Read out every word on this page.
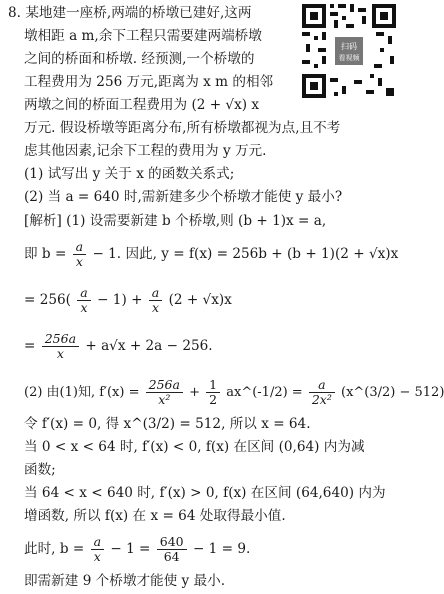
扫码
看视频
8. 某地建一座桥,两端的桥墩已建好,这两
墩相距 a m,余下工程只需要建两端桥墩
之间的桥面和桥墩. 经预测,一个桥墩的
工程费用为 256 万元,距离为 x m 的相邻
两墩之间的桥面工程费用为 (2 + √x) x
万元. 假设桥墩等距离分布,所有桥墩都视为点,且不考
虑其他因素,记余下工程的费用为 y 万元.
(1) 试写出 y 关于 x 的函数关系式;
(2) 当 a = 640 时,需新建多少个桥墩才能使 y 最小?
[解析] (1) 设需要新建 b 个桥墩,则 (b + 1)x = a,
即 $b = \frac{a}{x} - 1$. 因此, y = f(x) = 256b + (b + 1)(2 + √x)x
= $256( \frac{a}{x} - 1) + \frac{a}{x} (2 + √x)x$
= $\frac{256a}{x} + a√x + 2a - 256$.
(2) 由(1)知, $f'(x) = \frac{256a}{\text{x²}} + \frac{1}{2}$ ax^(-1/2) = $\frac{a}{\text{2x²}}$ (x^(3/2) − 512)
令 f′(x) = 0, 得 x^(3/2) = 512, 所以 x = 64.
当 0 < x < 64 时, f′(x) < 0, f(x) 在区间 (0,64) 内为减
函数;
当 64 < x < 640 时, f′(x) > 0, f(x) 在区间 (64,640) 内为
增函数, 所以 f(x) 在 x = 64 处取得最小值.
此时, $b = \frac{a}{x} - 1 = \frac{640}{64} - 1 = 9$.
即需新建 9 个桥墩才能使 y 最小.
